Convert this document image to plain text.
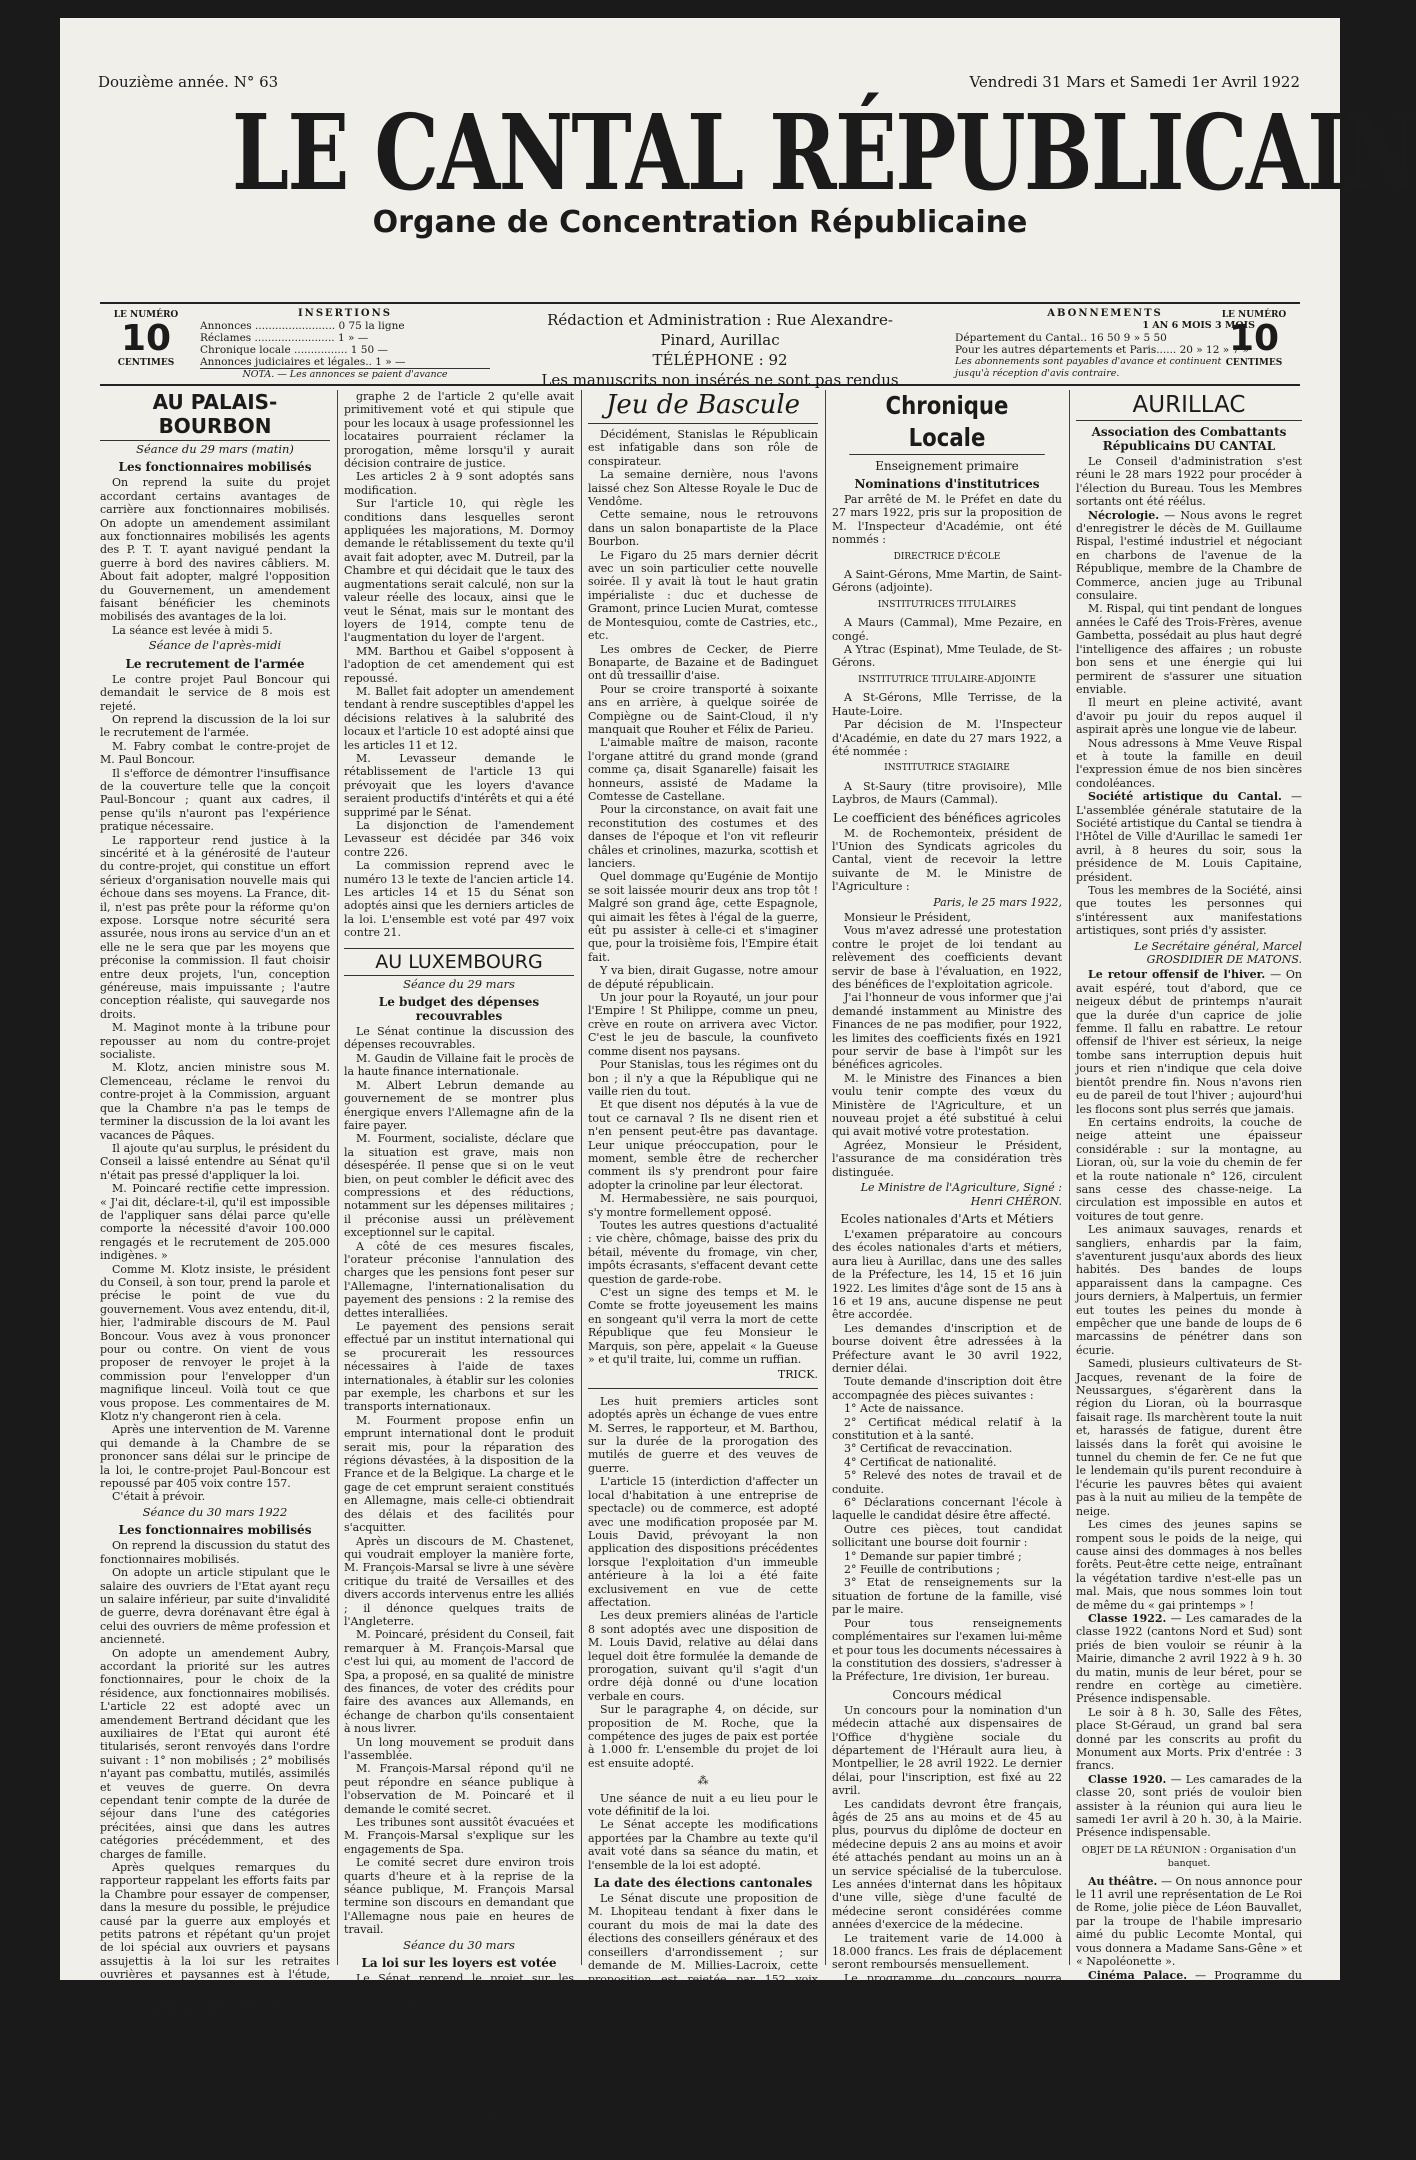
Douzième année. N° 63	Vendredi 31 Mars et Samedi 1er Avril 1922
LE CANTAL RÉPUBLICAIN
Organe de Concentration Républicaine
LE NUMÉRO
10
CENTIMES
INSERTIONS
Annonces ........................ 0 75 la ligne
Réclames ........................ 1 » —
Chronique locale ................ 1 50 —
Annonces judiciaires et légales.. 1 » —
NOTA. — Les annonces se paient d'avance
Rédaction et Administration : Rue Alexandre-Pinard, Aurillac
TÉLÉPHONE : 92
Les manuscrits non insérés ne sont pas rendus
ABONNEMENTS
1 AN 6 MOIS 3 MOIS
Département du Cantal.. 16 50 9 » 5 50
Pour les autres départements et Paris...... 20 » 12 » 7 »
Les abonnements sont payables d'avance et continuent jusqu'à réception d'avis contraire.
LE NUMÉRO
10
CENTIMES
AU PALAIS-BOURBON
Séance du 29 mars (matin)
Les fonctionnaires mobilisés

On reprend la suite du projet accordant certains avantages de carrière aux fonctionnaires mobilisés. On adopte un amendement assimilant aux fonctionnaires mobilisés les agents des P. T. T. ayant navigué pendant la guerre à bord des navires câbliers. M. About fait adopter, malgré l'opposition du Gouvernement, un amendement faisant bénéficier les cheminots mobilisés des avantages de la loi.

La séance est levée à midi 5.

Séance de l'après-midi
Le recrutement de l'armée

Le contre projet Paul Boncour qui demandait le service de 8 mois est rejeté.

On reprend la discussion de la loi sur le recrutement de l'armée.

M. Fabry combat le contre-projet de M. Paul Boncour.

Il s'efforce de démontrer l'insuffisance de la couverture telle que la conçoit Paul-Boncour ; quant aux cadres, il pense qu'ils n'auront pas l'expérience pratique nécessaire.

Le rapporteur rend justice à la sincérité et à la générosité de l'auteur du contre-projet, qui constitue un effort sérieux d'organisation nouvelle mais qui échoue dans ses moyens. La France, dit-il, n'est pas prête pour la réforme qu'on expose. Lorsque notre sécurité sera assurée, nous irons au service d'un an et elle ne le sera que par les moyens que préconise la commission. Il faut choisir entre deux projets, l'un, conception généreuse, mais impuissante ; l'autre conception réaliste, qui sauvegarde nos droits.

M. Maginot monte à la tribune pour repousser au nom du contre-projet socialiste.

M. Klotz, ancien ministre sous M. Clemenceau, réclame le renvoi du contre-projet à la Commission, arguant que la Chambre n'a pas le temps de terminer la discussion de la loi avant les vacances de Pâques.

Il ajoute qu'au surplus, le président du Conseil a laissé entendre au Sénat qu'il n'était pas pressé d'appliquer la loi.

M. Poincaré rectifie cette impression. « J'ai dit, déclare-t-il, qu'il est impossible de l'appliquer sans délai parce qu'elle comporte la nécessité d'avoir 100.000 rengagés et le recrutement de 205.000 indigènes. »

Comme M. Klotz insiste, le président du Conseil, à son tour, prend la parole et précise le point de vue du gouvernement. Vous avez entendu, dit-il, hier, l'admirable discours de M. Paul Boncour. Vous avez à vous prononcer pour ou contre. On vient de vous proposer de renvoyer le projet à la commission pour l'envelopper d'un magnifique linceul. Voilà tout ce que vous propose. Les commentaires de M. Klotz n'y changeront rien à cela.

Après une intervention de M. Varenne qui demande à la Chambre de se prononcer sans délai sur le principe de la loi, le contre-projet Paul-Boncour est repoussé par 405 voix contre 157.

C'était à prévoir.

Séance du 30 mars 1922
Les fonctionnaires mobilisés

On reprend la discussion du statut des fonctionnaires mobilisés.

On adopte un article stipulant que le salaire des ouvriers de l'Etat ayant reçu un salaire inférieur, par suite d'invalidité de guerre, devra dorénavant être égal à celui des ouvriers de même profession et ancienneté.

On adopte un amendement Aubry, accordant la priorité sur les autres fonctionnaires, pour le choix de la résidence, aux fonctionnaires mobilisés. L'article 22 est adopté avec un amendement Bertrand décidant que les auxiliaires de l'Etat qui auront été titularisés, seront renvoyés dans l'ordre suivant : 1° non mobilisés ; 2° mobilisés n'ayant pas combattu, mutilés, assimilés et veuves de guerre. On devra cependant tenir compte de la durée de séjour dans l'une des catégories précitées, ainsi que dans les autres catégories précédemment, et des charges de famille.

Après quelques remarques du rapporteur rappelant les efforts faits par la Chambre pour essayer de compenser, dans la mesure du possible, le préjudice causé par la guerre aux employés et petits patrons et répétant qu'un projet de loi spécial aux ouvriers et paysans assujettis à la loi sur les retraites ouvrières et paysannes est à l'étude, l'ensemble de la loi est voté.

La loi sur les loyers

On reprend la loi sur les loyers, retour du Sénat.

L'article premier est adopté, son texte n'ayant pas subi de modification.

La Chambre rétablit le texte du para-

graphe 2 de l'article 2 qu'elle avait primitivement voté et qui stipule que pour les locaux à usage professionnel les locataires pourraient réclamer la prorogation, même lorsqu'il y aurait décision contraire de justice.

Les articles 2 à 9 sont adoptés sans modification.

Sur l'article 10, qui règle les conditions dans lesquelles seront appliquées les majorations, M. Dormoy demande le rétablissement du texte qu'il avait fait adopter, avec M. Dutreil, par la Chambre et qui décidait que le taux des augmentations serait calculé, non sur la valeur réelle des locaux, ainsi que le veut le Sénat, mais sur le montant des loyers de 1914, compte tenu de l'augmentation du loyer de l'argent.

MM. Barthou et Gaibel s'opposent à l'adoption de cet amendement qui est repoussé.

M. Ballet fait adopter un amendement tendant à rendre susceptibles d'appel les décisions relatives à la salubrité des locaux et l'article 10 est adopté ainsi que les articles 11 et 12.

M. Levasseur demande le rétablissement de l'article 13 qui prévoyait que les loyers d'avance seraient productifs d'intérêts et qui a été supprimé par le Sénat.

La disjonction de l'amendement Levasseur est décidée par 346 voix contre 226.

La commission reprend avec le numéro 13 le texte de l'ancien article 14. Les articles 14 et 15 du Sénat son adoptés ainsi que les derniers articles de la loi. L'ensemble est voté par 497 voix contre 21.

AU LUXEMBOURG
Séance du 29 mars
Le budget des dépenses recouvrables

Le Sénat continue la discussion des dépenses recouvrables.

M. Gaudin de Villaine fait le procès de la haute finance internationale.

M. Albert Lebrun demande au gouvernement de se montrer plus énergique envers l'Allemagne afin de la faire payer.

M. Fourment, socialiste, déclare que la situation est grave, mais non désespérée. Il pense que si on le veut bien, on peut combler le déficit avec des compressions et des réductions, notamment sur les dépenses militaires ; il préconise aussi un prélèvement exceptionnel sur le capital.

A côté de ces mesures fiscales, l'orateur préconise l'annulation des charges que les pensions font peser sur l'Allemagne, l'internationalisation du payement des pensions : 2 la remise des dettes interalliées.

Le payement des pensions serait effectué par un institut international qui se procurerait les ressources nécessaires à l'aide de taxes internationales, à établir sur les colonies par exemple, les charbons et sur les transports internationaux.

M. Fourment propose enfin un emprunt international dont le produit serait mis, pour la réparation des régions dévastées, à la disposition de la France et de la Belgique. La charge et le gage de cet emprunt seraient constitués en Allemagne, mais celle-ci obtiendrait des délais et des facilités pour s'acquitter.

Après un discours de M. Chastenet, qui voudrait employer la manière forte, M. François-Marsal se livre à une sévère critique du traité de Versailles et des divers accords intervenus entre les alliés ; il dénonce quelques traits de l'Angleterre.

M. Poincaré, président du Conseil, fait remarquer à M. François-Marsal que c'est lui qui, au moment de l'accord de Spa, a proposé, en sa qualité de ministre des finances, de voter des crédits pour faire des avances aux Allemands, en échange de charbon qu'ils consentaient à nous livrer.

Un long mouvement se produit dans l'assemblée.

M. François-Marsal répond qu'il ne peut répondre en séance publique à l'observation de M. Poincaré et il demande le comité secret.

Les tribunes sont aussitôt évacuées et M. François-Marsal s'explique sur les engagements de Spa.

Le comité secret dure environ trois quarts d'heure et à la reprise de la séance publique, M. François Marsal termine son discours en demandant que l'Allemagne nous paie en heures de travail.

Séance du 30 mars
La loi sur les loyers est votée

Le Sénat reprend le projet sur les loyers, retour de la Chambre.

L'article 1 est adopté avec le texte de la Chambre, sauf le paragraphe exonérant les locataires qui supporteront pas la double augmentation de commande des locaux et des charges prévant l'immeuble.

L'article 2 (application de la prorogation de 5 ans aux cessionnaires, etc., des locaux à usage commercial, industriel, professionnel) est adopté, après avoir premier paragraphe de la Chambre.

Jeu de Bascule

Décidément, Stanislas le Républicain est infatigable dans son rôle de conspirateur.

La semaine dernière, nous l'avons laissé chez Son Altesse Royale le Duc de Vendôme.

Cette semaine, nous le retrouvons dans un salon bonapartiste de la Place Bourbon.

Le Figaro du 25 mars dernier décrit avec un soin particulier cette nouvelle soirée. Il y avait là tout le haut gratin impérialiste : duc et duchesse de Gramont, prince Lucien Murat, comtesse de Montesquiou, comte de Castries, etc., etc.

Les ombres de Cecker, de Pierre Bonaparte, de Bazaine et de Badinguet ont dû tressaillir d'aise.

Pour se croire transporté à soixante ans en arrière, à quelque soirée de Compiègne ou de Saint-Cloud, il n'y manquait que Rouher et Félix de Parieu.

L'aimable maître de maison, raconte l'organe attitré du grand monde (grand comme ça, disait Sganarelle) faisait les honneurs, assisté de Madame la Comtesse de Castellane.

Pour la circonstance, on avait fait une reconstitution des costumes et des danses de l'époque et l'on vit refleurir châles et crinolines, mazurka, scottish et lanciers.

Quel dommage qu'Eugénie de Montijo se soit laissée mourir deux ans trop tôt ! Malgré son grand âge, cette Espagnole, qui aimait les fêtes à l'égal de la guerre, eût pu assister à celle-ci et s'imaginer que, pour la troisième fois, l'Empire était fait.

Y va bien, dirait Gugasse, notre amour de député républicain.

Un jour pour la Royauté, un jour pour l'Empire ! St Philippe, comme un pneu, crève en route on arrivera avec Victor. C'est le jeu de bascule, la counfiveto comme disent nos paysans.

Pour Stanislas, tous les régimes ont du bon ; il n'y a que la République qui ne vaille rien du tout.

Et que disent nos députés à la vue de tout ce carnaval ? Ils ne disent rien et n'en pensent peut-être pas davantage. Leur unique préoccupation, pour le moment, semble être de rechercher comment ils s'y prendront pour faire adopter la crinoline par leur électorat.

M. Hermabessière, ne sais pourquoi, s'y montre formellement opposé.

Toutes les autres questions d'actualité : vie chère, chômage, baisse des prix du bétail, mévente du fromage, vin cher, impôts écrasants, s'effacent devant cette question de garde-robe.

C'est un signe des temps et M. le Comte se frotte joyeusement les mains en songeant qu'il verra la mort de cette République que feu Monsieur le Marquis, son père, appelait « la Gueuse » et qu'il traite, lui, comme un ruffian.

TRICK.

Les huit premiers articles sont adoptés après un échange de vues entre M. Serres, le rapporteur, et M. Barthou, sur la durée de la prorogation des mutilés de guerre et des veuves de guerre.

L'article 15 (interdiction d'affecter un local d'habitation à une entreprise de spectacle) ou de commerce, est adopté avec une modification proposée par M. Louis David, prévoyant la non application des dispositions précédentes lorsque l'exploitation d'un immeuble antérieure à la loi a été faite exclusivement en vue de cette affectation.

Les deux premiers alinéas de l'article 8 sont adoptés avec une disposition de M. Louis David, relative au délai dans lequel doit être formulée la demande de prorogation, suivant qu'il s'agit d'un ordre déjà donné ou d'une location verbale en cours.

Sur le paragraphe 4, on décide, sur proposition de M. Roche, que la compétence des juges de paix est portée à 1.000 fr. L'ensemble du projet de loi est ensuite adopté.

⁂

Une séance de nuit a eu lieu pour le vote définitif de la loi.

Le Sénat accepte les modifications apportées par la Chambre au texte qu'il avait voté dans sa séance du matin, et l'ensemble de la loi est adopté.

La date des élections cantonales

Le Sénat discute une proposition de M. Lhopiteau tendant à fixer dans le courant du mois de mai la date des élections des conseillers généraux et des conseillers d'arrondissement ; sur demande de M. Millies-Lacroix, cette proposition est rejetée par 152 voix contre 136.

Chronique Locale
Enseignement primaire
Nominations d'institutrices

Par arrêté de M. le Préfet en date du 27 mars 1922, pris sur la proposition de M. l'Inspecteur d'Académie, ont été nommés :

DIRECTRICE D'ÉCOLE

A Saint-Gérons, Mme Martin, de Saint-Gérons (adjointe).

INSTITUTRICES TITULAIRES

A Maurs (Cammal), Mme Pezaire, en congé.

A Ytrac (Espinat), Mme Teulade, de St-Gérons.

INSTITUTRICE TITULAIRE-ADJOINTE

A St-Gérons, Mlle Terrisse, de la Haute-Loire.

Par décision de M. l'Inspecteur d'Académie, en date du 27 mars 1922, a été nommée :

INSTITUTRICE STAGIAIRE

A St-Saury (titre provisoire), Mlle Laybros, de Maurs (Cammal).

Le coefficient des bénéfices agricoles

M. de Rochemonteix, président de l'Union des Syndicats agricoles du Cantal, vient de recevoir la lettre suivante de M. le Ministre de l'Agriculture :

Paris, le 25 mars 1922,

Monsieur le Président,

Vous m'avez adressé une protestation contre le projet de loi tendant au relèvement des coefficients devant servir de base à l'évaluation, en 1922, des bénéfices de l'exploitation agricole.

J'ai l'honneur de vous informer que j'ai demandé instamment au Ministre des Finances de ne pas modifier, pour 1922, les limites des coefficients fixés en 1921 pour servir de base à l'impôt sur les bénéfices agricoles.

M. le Ministre des Finances a bien voulu tenir compte des vœux du Ministère de l'Agriculture, et un nouveau projet a été substitué à celui qui avait motivé votre protestation.

Agréez, Monsieur le Président, l'assurance de ma considération très distinguée.

Le Ministre de l'Agriculture, Signé : Henri CHÉRON.
Ecoles nationales d'Arts et Métiers

L'examen préparatoire au concours des écoles nationales d'arts et métiers, aura lieu à Aurillac, dans une des salles de la Préfecture, les 14, 15 et 16 juin 1922. Les limites d'âge sont de 15 ans à 16 et 19 ans, aucune dispense ne peut être accordée.

Les demandes d'inscription et de bourse doivent être adressées à la Préfecture avant le 30 avril 1922, dernier délai.

Toute demande d'inscription doit être accompagnée des pièces suivantes :

1° Acte de naissance.

2° Certificat médical relatif à la constitution et à la santé.

3° Certificat de revaccination.

4° Certificat de nationalité.

5° Relevé des notes de travail et de conduite.

6° Déclarations concernant l'école à laquelle le candidat désire être affecté.

Outre ces pièces, tout candidat sollicitant une bourse doit fournir :

1° Demande sur papier timbré ;

2° Feuille de contributions ;

3° Etat de renseignements sur la situation de fortune de la famille, visé par le maire.

Pour tous renseignements complémentaires sur l'examen lui-même et pour tous les documents nécessaires à la constitution des dossiers, s'adresser à la Préfecture, 1re division, 1er bureau.

Concours médical

Un concours pour la nomination d'un médecin attaché aux dispensaires de l'Office d'hygiène sociale du département de l'Hérault aura lieu, à Montpellier, le 28 avril 1922. Le dernier délai, pour l'inscription, est fixé au 22 avril.

Les candidats devront être français, âgés de 25 ans au moins et de 45 au plus, pourvus du diplôme de docteur en médecine depuis 2 ans au moins et avoir été attachés pendant au moins un an à un service spécialisé de la tuberculose. Les années d'internat dans les hôpitaux d'une ville, siège d'une faculté de médecine seront considérées comme années d'exercice de la médecine.

Le traitement varie de 14.000 à 18.000 francs. Les frais de déplacement seront remboursés mensuellement.

Le programme du concours pourra être communiqué aux candidats, à la Préfecture du Cantal, bureau des Services d'assistance.

AURILLAC
Association des Combattants Républicains DU CANTAL

Le Conseil d'administration s'est réuni le 28 mars 1922 pour procéder à l'élection du Bureau. Tous les Membres sortants ont été réélus.

Nécrologie. — Nous avons le regret d'enregistrer le décès de M. Guillaume Rispal, l'estimé industriel et négociant en charbons de l'avenue de la République, membre de la Chambre de Commerce, ancien juge au Tribunal consulaire.

M. Rispal, qui tint pendant de longues années le Café des Trois-Frères, avenue Gambetta, possédait au plus haut degré l'intelligence des affaires ; un robuste bon sens et une énergie qui lui permirent de s'assurer une situation enviable.

Il meurt en pleine activité, avant d'avoir pu jouir du repos auquel il aspirait après une longue vie de labeur.

Nous adressons à Mme Veuve Rispal et à toute la famille en deuil l'expression émue de nos bien sincères condoléances.

Société artistique du Cantal. — L'assemblée générale statutaire de la Société artistique du Cantal se tiendra à l'Hôtel de Ville d'Aurillac le samedi 1er avril, à 8 heures du soir, sous la présidence de M. Louis Capitaine, président.

Tous les membres de la Société, ainsi que toutes les personnes qui s'intéressent aux manifestations artistiques, sont priés d'y assister.

Le Secrétaire général, Marcel GROSDIDIER DE MATONS.

Le retour offensif de l'hiver. — On avait espéré, tout d'abord, que ce neigeux début de printemps n'aurait que la durée d'un caprice de jolie femme. Il fallu en rabattre. Le retour offensif de l'hiver est sérieux, la neige tombe sans interruption depuis huit jours et rien n'indique que cela doive bientôt prendre fin. Nous n'avons rien eu de pareil de tout l'hiver ; aujourd'hui les flocons sont plus serrés que jamais.

En certains endroits, la couche de neige atteint une épaisseur considérable : sur la montagne, au Lioran, où, sur la voie du chemin de fer et la route nationale n° 126, circulent sans cesse des chasse-neige. La circulation est impossible en autos et voitures de tout genre.

Les animaux sauvages, renards et sangliers, enhardis par la faim, s'aventurent jusqu'aux abords des lieux habités. Des bandes de loups apparaissent dans la campagne. Ces jours derniers, à Malpertuis, un fermier eut toutes les peines du monde à empêcher que une bande de loups de 6 marcassins de pénétrer dans son écurie.

Samedi, plusieurs cultivateurs de St-Jacques, revenant de la foire de Neussargues, s'égarèrent dans la région du Lioran, où la bourrasque faisait rage. Ils marchèrent toute la nuit et, harassés de fatigue, durent être laissés dans la forêt qui avoisine le tunnel du chemin de fer. Ce ne fut que le lendemain qu'ils purent reconduire à l'écurie les pauvres bêtes qui avaient pas à la nuit au milieu de la tempête de neige.

Les cimes des jeunes sapins se rompent sous le poids de la neige, qui cause ainsi des dommages à nos belles forêts. Peut-être cette neige, entraînant la végétation tardive n'est-elle pas un mal. Mais, que nous sommes loin tout de même du « gai printemps » !

Classe 1922. — Les camarades de la classe 1922 (cantons Nord et Sud) sont priés de bien vouloir se réunir à la Mairie, dimanche 2 avril 1922 à 9 h. 30 du matin, munis de leur béret, pour se rendre en cortège au cimetière. Présence indispensable.

Le soir à 8 h. 30, Salle des Fêtes, place St-Géraud, un grand bal sera donné par les conscrits au profit du Monument aux Morts. Prix d'entrée : 3 francs.

Classe 1920. — Les camarades de la classe 20, sont priés de vouloir bien assister à la réunion qui aura lieu le samedi 1er avril à 20 h. 30, à la Mairie. Présence indispensable.

OBJET DE LA RÉUNION : Organisation d'un banquet.

Au théâtre. — On nous annonce pour le 11 avril une représentation de Le Roi de Rome, jolie pièce de Léon Bauvallet, par la troupe de l'habile impresario aimé du public Lecomte Montal, qui vous donnera a Madame Sans-Gêne » et « Napoléonette ».

Cinéma Palace. — Programme du samedi 1er avril en soirée et dimanche 2 avril en matinée et soirée.

Pathé Revue.

Lui frère du petit Croissant, comique. Justice d'abord, drame en 5 parties. Rigadin persécuté par Octavie, comique.

Bientôt « l'aviateur masqué », Ciné Roman français en 8 épisodes.

Location des places chez M. Reyt, coiffeur, place du Palais.
